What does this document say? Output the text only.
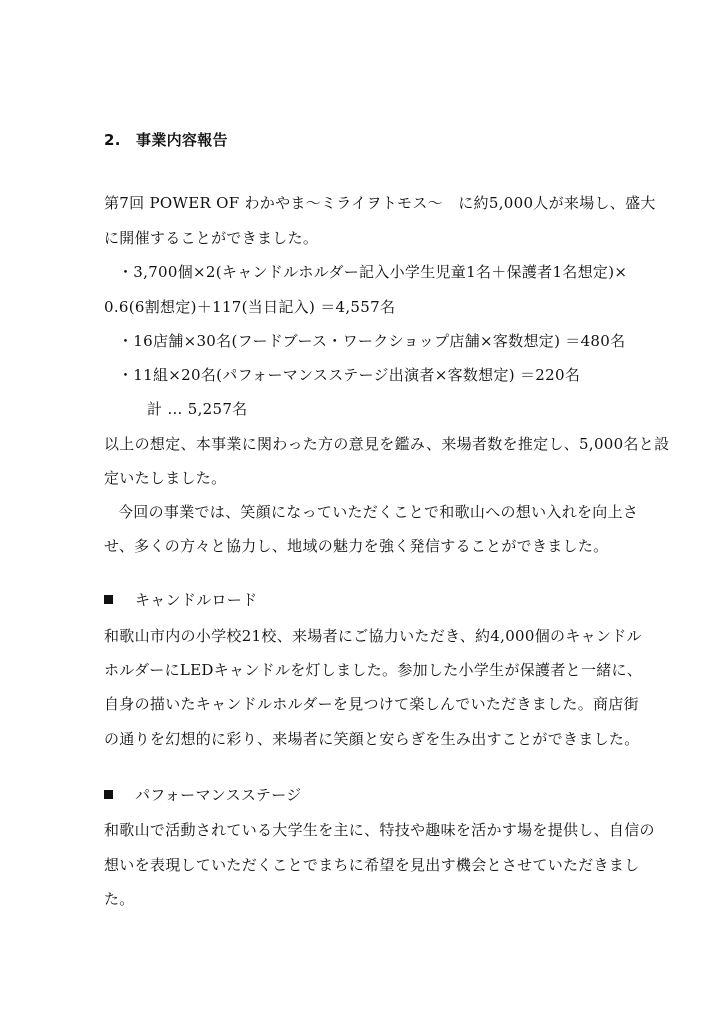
2.　事業内容報告
第7回 POWER OF わかやま～ミライヲトモス～　に約5,000人が来場し、盛大
に開催することができました。
・3,700個×2(キャンドルホルダー記入小学生児童1名＋保護者1名想定)×
0.6(6割想定)＋117(当日記入) ＝4,557名
・16店舗×30名(フードブース・ワークショップ店舗×客数想定) ＝480名
・11組×20名(パフォーマンスステージ出演者×客数想定) ＝220名
計 … 5,257名
以上の想定、本事業に関わった方の意見を鑑み、来場者数を推定し、5,000名と設
定いたしました。
今回の事業では、笑顔になっていただくことで和歌山への想い入れを向上さ
せ、多くの方々と協力し、地域の魅力を強く発信することができました。
キャンドルロード
和歌山市内の小学校21校、来場者にご協力いただき、約4,000個のキャンドル
ホルダーにLEDキャンドルを灯しました。参加した小学生が保護者と一緒に、
自身の描いたキャンドルホルダーを見つけて楽しんでいただきました。商店街
の通りを幻想的に彩り、来場者に笑顔と安らぎを生み出すことができました。
パフォーマンスステージ
和歌山で活動されている大学生を主に、特技や趣味を活かす場を提供し、自信の
想いを表現していただくことでまちに希望を見出す機会とさせていただきまし
た。
